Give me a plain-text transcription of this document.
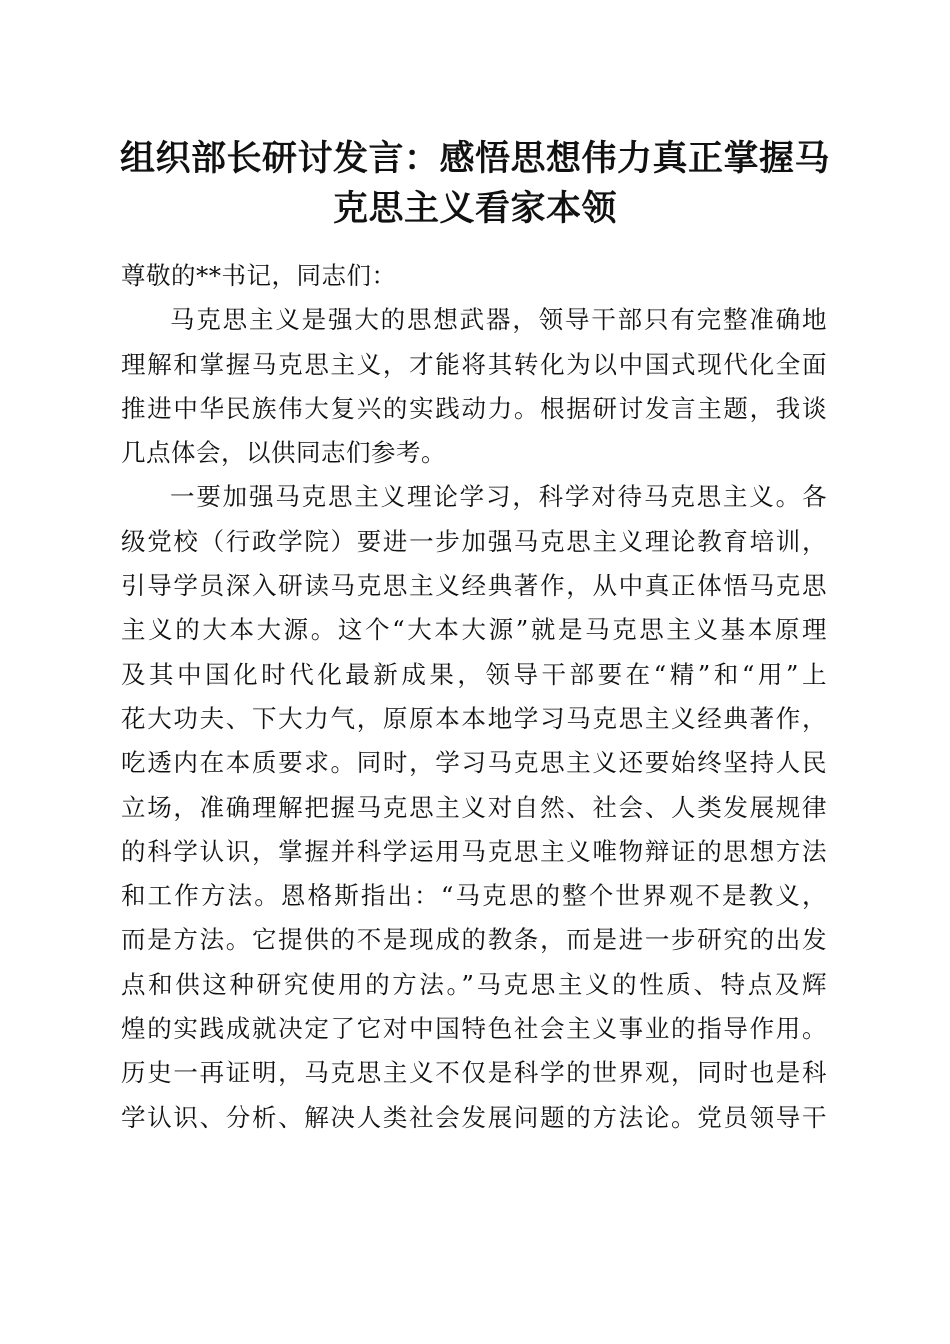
组织部长研讨发言：感悟思想伟力真正掌握马
克思主义看家本领
尊敬的**书记，同志们：
马克思主义是强大的思想武器，领导干部只有完整准确地
理解和掌握马克思主义，才能将其转化为以中国式现代化全面
推进中华民族伟大复兴的实践动力。根据研讨发言主题，我谈
几点体会，以供同志们参考。
一要加强马克思主义理论学习，科学对待马克思主义。各
级党校（行政学院）要进一步加强马克思主义理论教育培训，
引导学员深入研读马克思主义经典著作，从中真正体悟马克思
主义的大本大源。这个“大本大源”就是马克思主义基本原理
及其中国化时代化最新成果，领导干部要在“精”和“用”上
花大功夫、下大力气，原原本本地学习马克思主义经典著作，
吃透内在本质要求。同时，学习马克思主义还要始终坚持人民
立场，准确理解把握马克思主义对自然、社会、人类发展规律
的科学认识，掌握并科学运用马克思主义唯物辩证的思想方法
和工作方法。恩格斯指出：“马克思的整个世界观不是教义，
而是方法。它提供的不是现成的教条，而是进一步研究的出发
点和供这种研究使用的方法。”马克思主义的性质、特点及辉
煌的实践成就决定了它对中国特色社会主义事业的指导作用。
历史一再证明，马克思主义不仅是科学的世界观，同时也是科
学认识、分析、解决人类社会发展问题的方法论。党员领导干
